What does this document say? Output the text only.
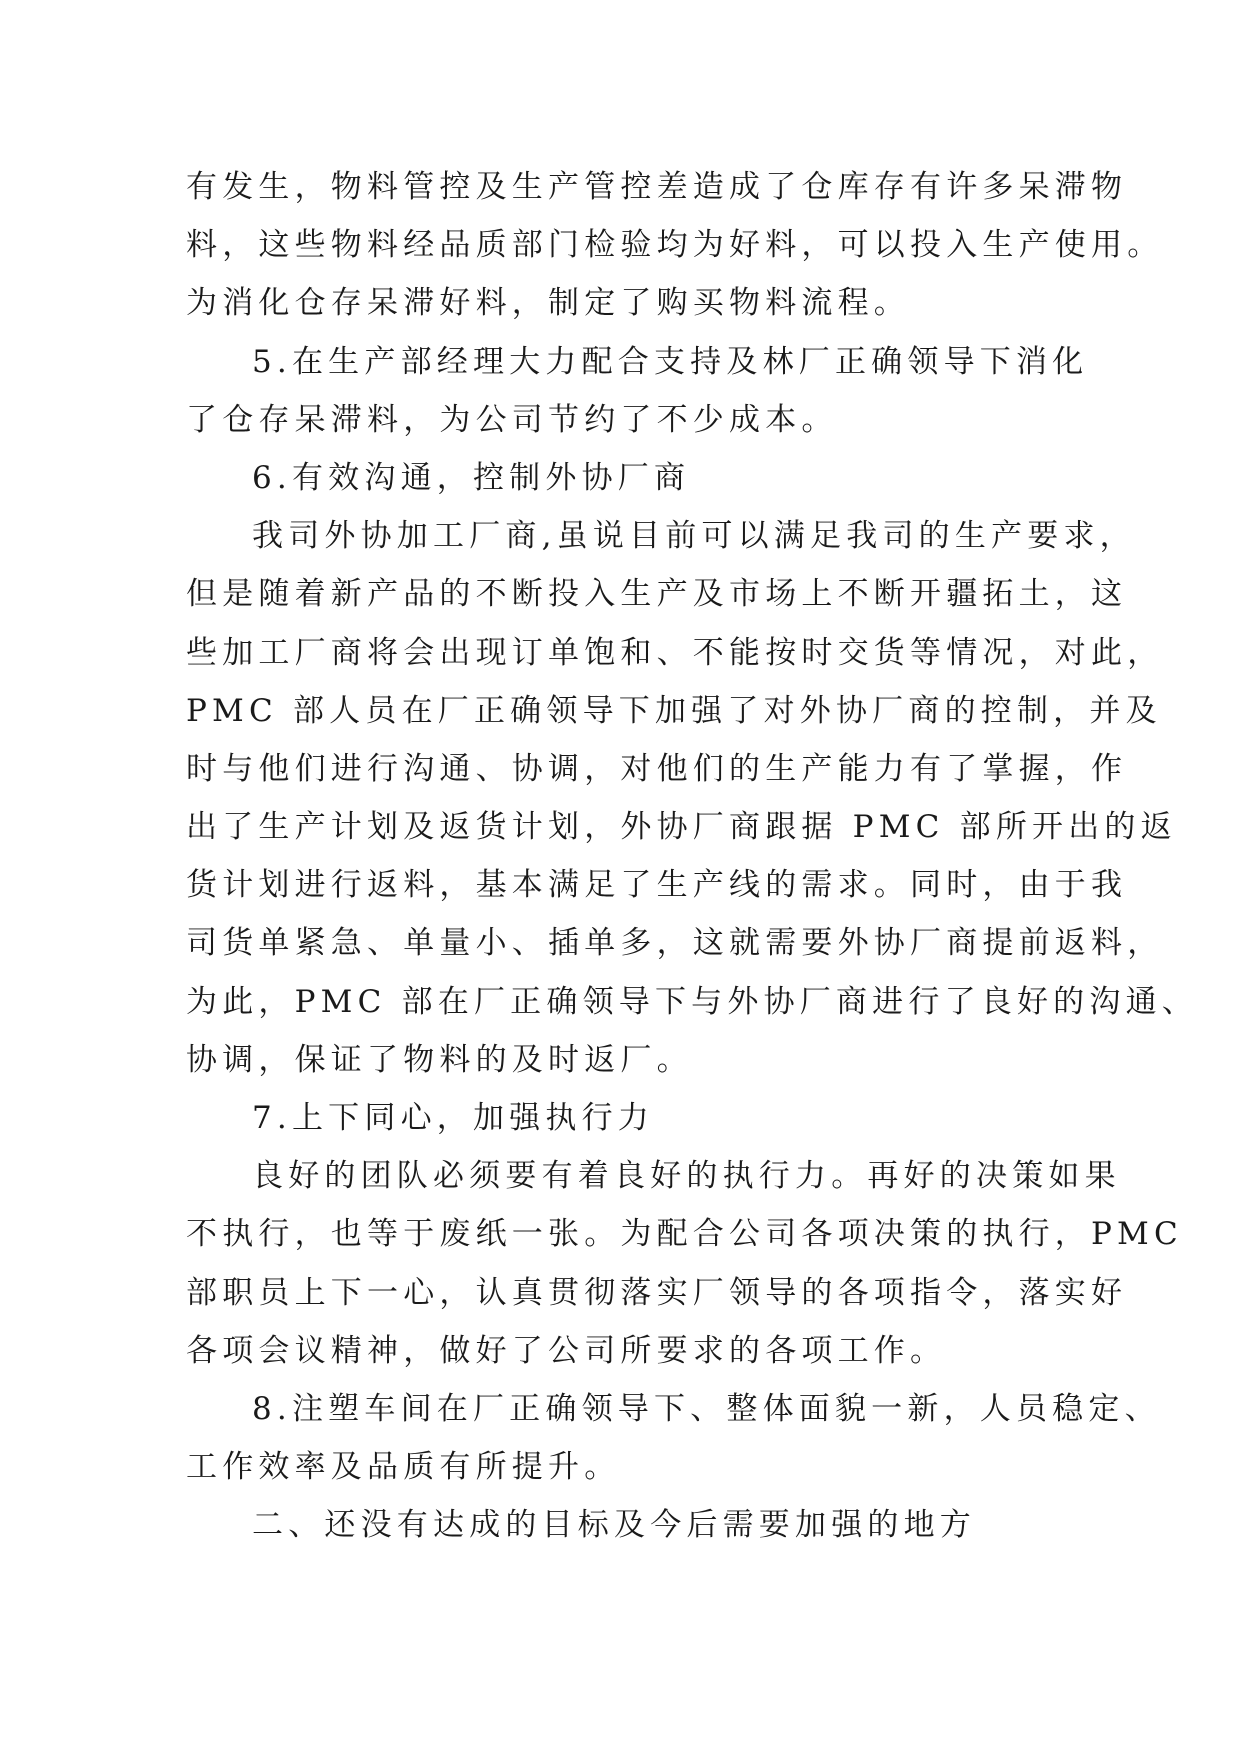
有发生，物料管控及生产管控差造成了仓库存有许多呆滞物
料，这些物料经品质部门检验均为好料，可以投入生产使用。
为消化仓存呆滞好料，制定了购买物料流程。
5.在生产部经理大力配合支持及林厂正确领导下消化
了仓存呆滞料，为公司节约了不少成本。
6.有效沟通，控制外协厂商
我司外协加工厂商,虽说目前可以满足我司的生产要求，
但是随着新产品的不断投入生产及市场上不断开疆拓土，这
些加工厂商将会出现订单饱和、不能按时交货等情况，对此，
PMC 部人员在厂正确领导下加强了对外协厂商的控制，并及
时与他们进行沟通、协调，对他们的生产能力有了掌握，作
出了生产计划及返货计划，外协厂商跟据 PMC 部所开出的返
货计划进行返料，基本满足了生产线的需求。同时，由于我
司货单紧急、单量小、插单多，这就需要外协厂商提前返料，
为此，PMC 部在厂正确领导下与外协厂商进行了良好的沟通、
协调，保证了物料的及时返厂。
7.上下同心，加强执行力
良好的团队必须要有着良好的执行力。再好的决策如果
不执行，也等于废纸一张。为配合公司各项决策的执行，PMC
部职员上下一心，认真贯彻落实厂领导的各项指令，落实好
各项会议精神，做好了公司所要求的各项工作。
8.注塑车间在厂正确领导下、整体面貌一新，人员稳定、
工作效率及品质有所提升。
二、还没有达成的目标及今后需要加强的地方
